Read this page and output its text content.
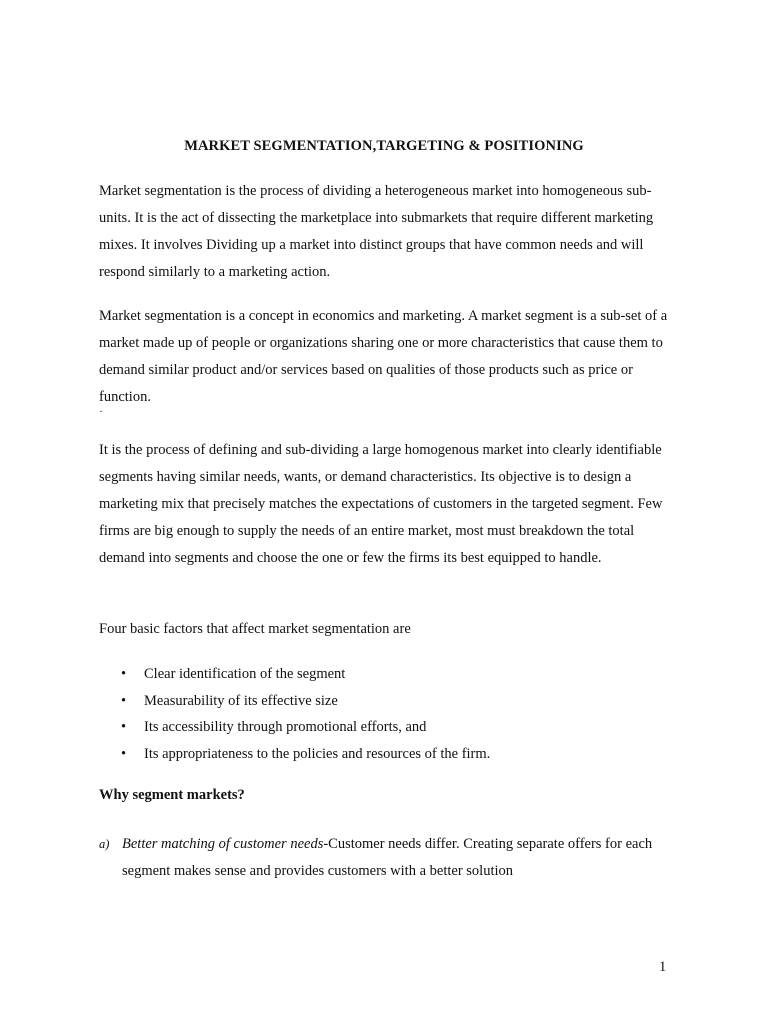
MARKET SEGMENTATION,TARGETING & POSITIONING

Market segmentation is the process of dividing a heterogeneous market into homogeneous sub-units. It is the act of dissecting the marketplace into submarkets that require different marketing mixes. It involves Dividing up a market into distinct groups that have common needs and will respond similarly to a marketing action.

Market segmentation is a concept in economics and marketing. A market segment is a sub-set of a market made up of people or organizations sharing one or more characteristics that cause them to demand similar product and/or services based on qualities of those products such as price or function.

·

It is the process of defining and sub-dividing a large homogenous market into clearly identifiable segments having similar needs, wants, or demand characteristics. Its objective is to design a marketing mix that precisely matches the expectations of customers in the targeted segment. Few firms are big enough to supply the needs of an entire market, most must breakdown the total demand into segments and choose the one or few the firms its best equipped to handle.

Four basic factors that affect market segmentation are

• Clear identification of the segment
• Measurability of its effective size
• Its accessibility through promotional efforts, and
• Its appropriateness to the policies and resources of the firm.

Why segment markets?

a) Better matching of customer needs-Customer needs differ. Creating separate offers for each segment makes sense and provides customers with a better solution
1
